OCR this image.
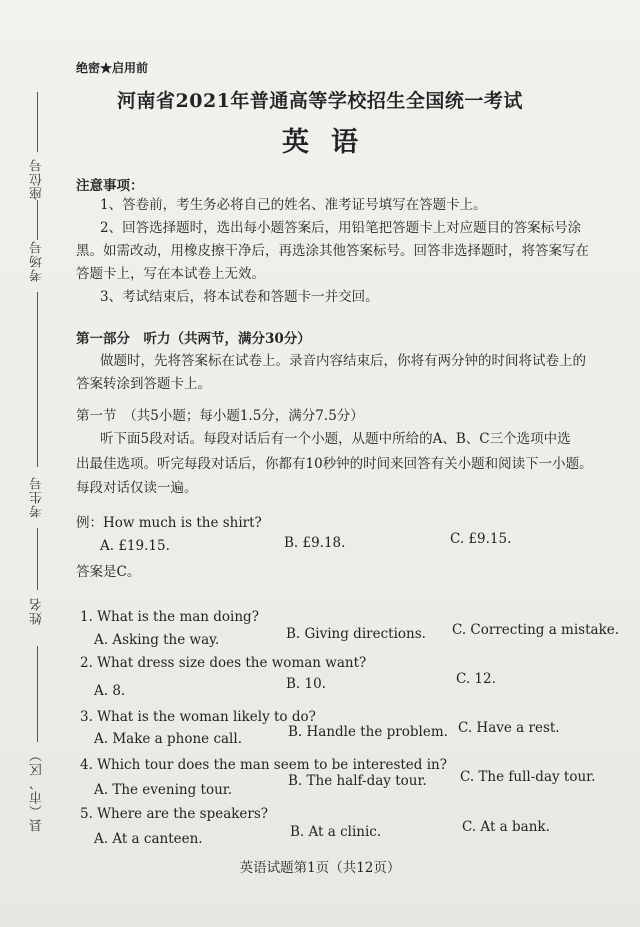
座位号
考场号
考生号
姓名
县（市、区）
绝密★启用前
河南省2021年普通高等学校招生全国统一考试
英语
注意事项：
1、答卷前，考生务必将自己的姓名、准考证号填写在答题卡上。
2、回答选择题时，选出每小题答案后，用铅笔把答题卡上对应题目的答案标号涂
黑。如需改动，用橡皮擦干净后，再选涂其他答案标号。回答非选择题时，将答案写在
答题卡上，写在本试卷上无效。
3、考试结束后，将本试卷和答题卡一并交回。
第一部分　听力（共两节，满分30分）
做题时，先将答案标在试卷上。录音内容结束后，你将有两分钟的时间将试卷上的
答案转涂到答题卡上。
第一节　（共5小题；每小题1.5分，满分7.5分）
听下面5段对话。每段对话后有一个小题，从题中所给的A、B、C三个选项中选
出最佳选项。听完每段对话后，你都有10秒钟的时间来回答有关小题和阅读下一小题。
每段对话仅读一遍。
例：How much is the shirt?
A. £19.15.	B. £9.18.	C. £9.15.
答案是C。
1. What is the man doing?
A. Asking the way.	B. Giving directions. C. Correcting a mistake.
2. What dress size does the woman want?
A. 8.	B. 10.	C. 12.
3. What is the woman likely to do?
A. Make a phone call.	B. Handle the problem. C. Have a rest.
4. Which tour does the man seem to be interested in?
A. The evening tour.
B. The half-day tour. C. The full-day tour.
5. Where are the speakers?
A. At a canteen.	B. At a clinic.	C. At a bank.
英语试题第1页（共12页）
